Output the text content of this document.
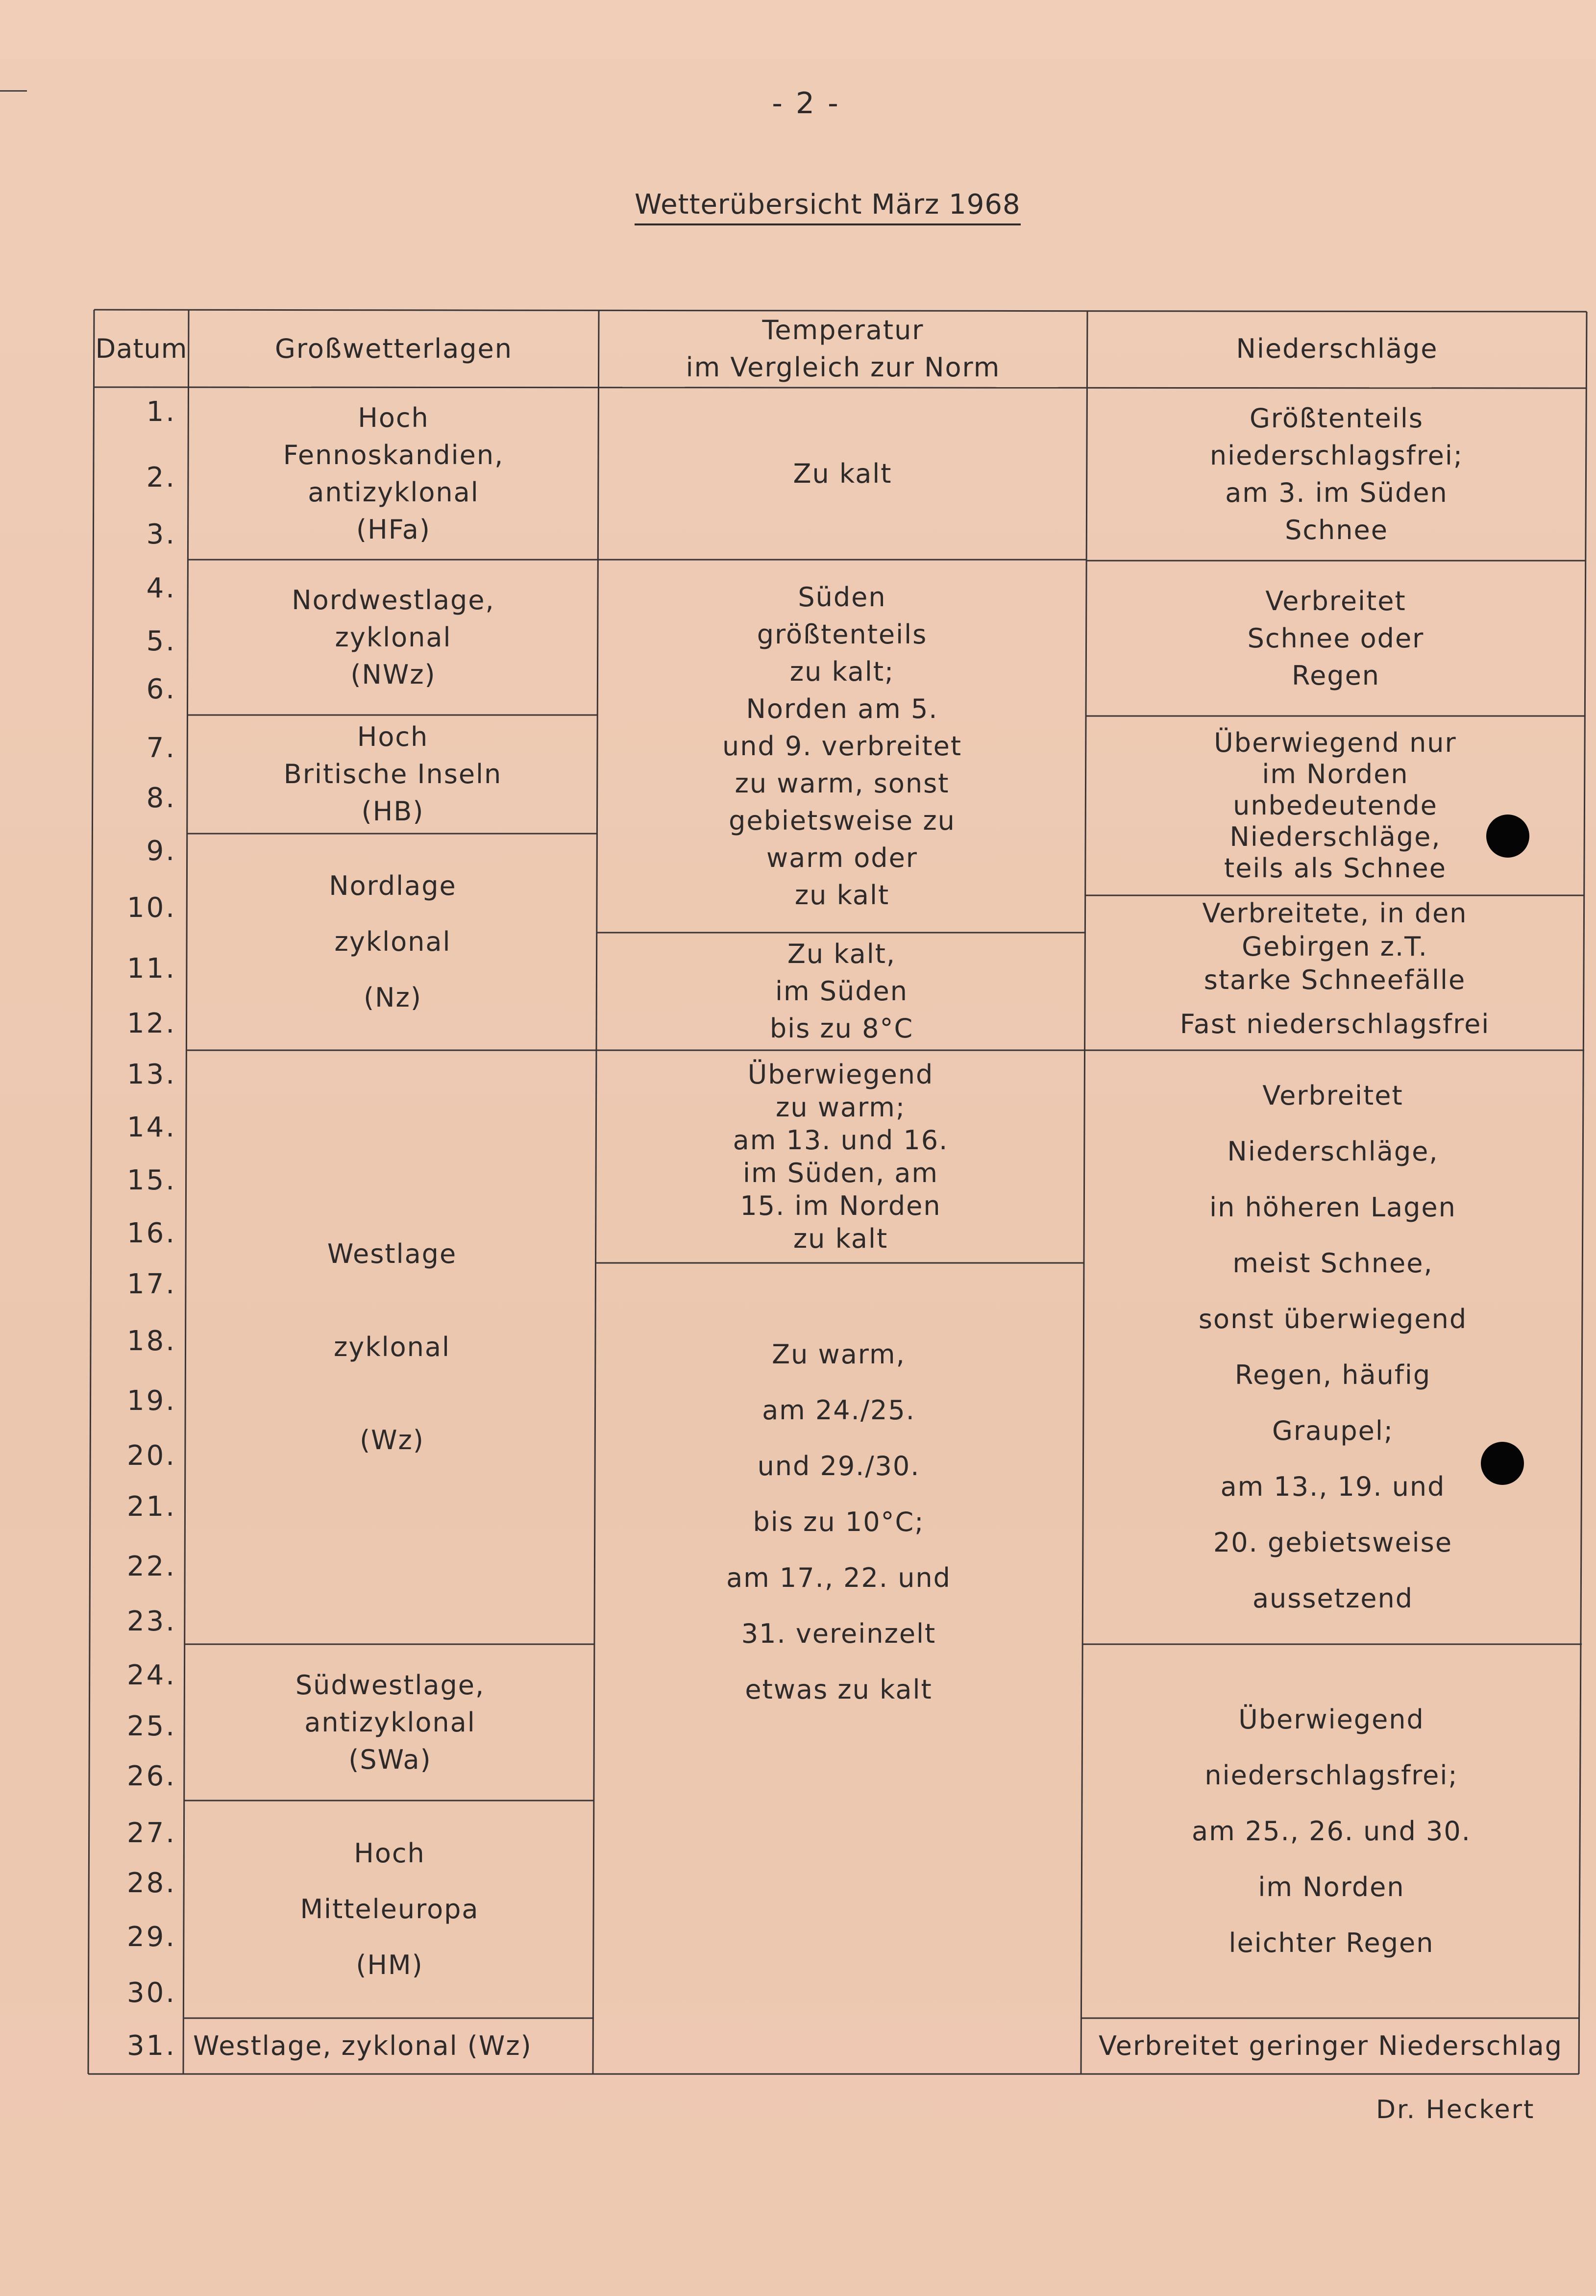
- 2 -
Wetterübersicht März 1968
Datum	Großwetterlagen
Temperatur
im Vergleich zur Norm
Niederschläge
1.
2.
3.
4.
5.
6.
7.
8.
9.
10.
11.
12.
13.
14.
15.
16.
17.
18.
19.
20.
21.
22.
23.
24.
25.
26.
27.
28.
29.
30.
31.
Hoch
Fennoskandien,
antizyklonal
(HFa)
Nordwestlage,
zyklonal
(NWz)
Hoch
Britische Inseln
(HB)
Nordlage
zyklonal
(Nz)
Westlage
zyklonal
(Wz)
Südwestlage,
antizyklonal
(SWa)
Hoch
Mitteleuropa
(HM)
Westlage, zyklonal (Wz)
Zu kalt
Süden
größtenteils
zu kalt;
Norden am 5.
und 9. verbreitet
zu warm, sonst
gebietsweise zu
warm oder
zu kalt
Zu kalt,
im Süden
bis zu 8°C
Überwiegend
zu warm;
am 13. und 16.
im Süden, am
15. im Norden
zu kalt
Zu warm,
am 24./25.
und 29./30.
bis zu 10°C;
am 17., 22. und
31. vereinzelt
etwas zu kalt
Größtenteils
niederschlagsfrei;
am 3. im Süden
Schnee
Verbreitet
Schnee oder
Regen
Überwiegend nur
im Norden
unbedeutende
Niederschläge,
teils als Schnee
Verbreitete, in den
Gebirgen z.T.
starke Schneefälle
Fast niederschlagsfrei
Verbreitet
Niederschläge,
in höheren Lagen
meist Schnee,
sonst überwiegend
Regen, häufig
Graupel;
am 13., 19. und
20. gebietsweise
aussetzend
Überwiegend
niederschlagsfrei;
am 25., 26. und 30.
im Norden
leichter Regen
Verbreitet geringer Niederschlag
Dr. Heckert
